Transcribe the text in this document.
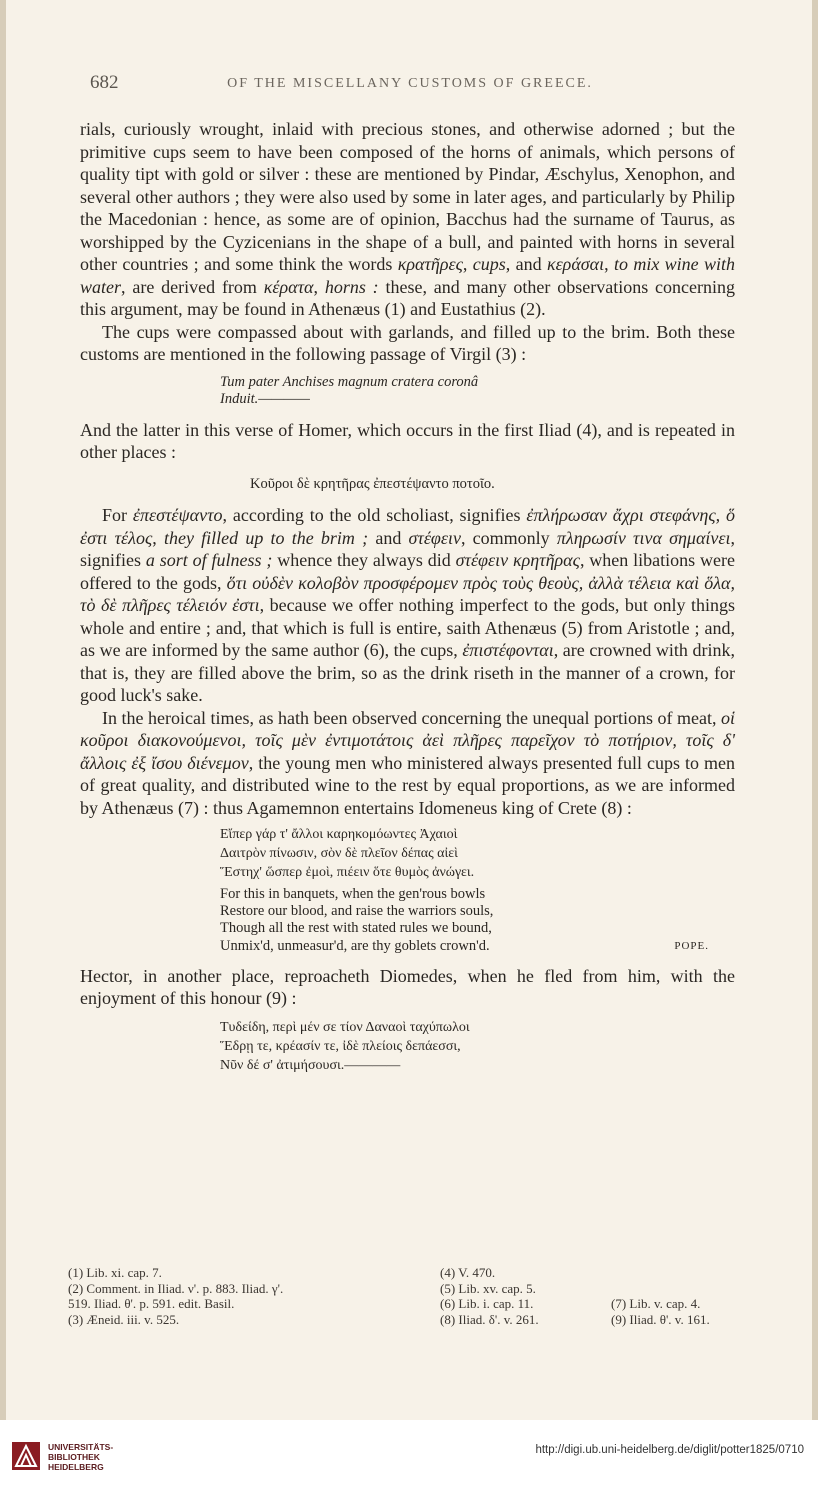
682	OF THE MISCELLANY CUSTOMS OF GREECE.

rials, curiously wrought, inlaid with precious stones, and otherwise adorned ; but the primitive cups seem to have been composed of the horns of animals, which persons of quality tipt with gold or silver : these are mentioned by Pindar, Æschylus, Xenophon, and several other authors ; they were also used by some in later ages, and particularly by Philip the Macedonian : hence, as some are of opinion, Bacchus had the surname of Taurus, as worshipped by the Cyzicenians in the shape of a bull, and painted with horns in several other countries ; and some think the words κρατῆρες, cups, and κεράσαι, to mix wine with water, are derived from κέρατα, horns : these, and many other observations concerning this argument, may be found in Athenæus (1) and Eustathius (2).

The cups were compassed about with garlands, and filled up to the brim. Both these customs are mentioned in the following passage of Virgil (3) :

Tum pater Anchises magnum cratera coronâ
Induit.————

And the latter in this verse of Homer, which occurs in the first Iliad (4), and is repeated in other places :

Κοῦροι δὲ κρητῆρας ἐπεστέψαντο ποτοῖο.

For ἐπεστέψαντο, according to the old scholiast, signifies ἐπλήρωσαν ἄχρι στεφάνης, ὅ ἐστι τέλος, they filled up to the brim ; and στέφειν, commonly πληρωσίν τινα σημαίνει, signifies a sort of fulness ; whence they always did στέφειν κρητῆρας, when libations were offered to the gods, ὅτι οὐδὲν κολοβὸν προσφέρομεν πρὸς τοὺς θεοὺς, ἀλλὰ τέλεια καὶ ὅλα, τὸ δὲ πλῆρες τέλειόν ἐστι, because we offer nothing imperfect to the gods, but only things whole and entire ; and, that which is full is entire, saith Athenæus (5) from Aristotle ; and, as we are informed by the same author (6), the cups, ἐπιστέφονται, are crowned with drink, that is, they are filled above the brim, so as the drink riseth in the manner of a crown, for good luck's sake.

In the heroical times, as hath been observed concerning the unequal portions of meat, οἱ κοῦροι διακονούμενοι, τοῖς μὲν ἐντιμοτάτοις ἀεὶ πλῆρες παρεῖχον τὸ ποτήριον, τοῖς δ' ἄλλοις ἐξ ἴσου διένεμον, the young men who ministered always presented full cups to men of great quality, and distributed wine to the rest by equal proportions, as we are informed by Athenæus (7) : thus Agamemnon entertains Idomeneus king of Crete (8) :

Εἴπερ γάρ τ' ἄλλοι καρηκομόωντες Ἀχαιοὶ
Δαιτρὸν πίνωσιν, σὸν δὲ πλεῖον δέπας αἰεὶ
Ἕστηχ' ὥσπερ ἐμοὶ, πιέειν ὅτε θυμὸς ἀνώγει.
For this in banquets, when the gen'rous bowls
Restore our blood, and raise the warriors souls,
Though all the rest with stated rules we bound,
Unmix'd, unmeasur'd, are thy goblets crown'd.	POPE.

Hector, in another place, reproacheth Diomedes, when he fled from him, with the enjoyment of this honour (9) :

Τυδείδη, περὶ μέν σε τίον Δαναοὶ ταχύπωλοι
Ἕδρῃ τε, κρέασίν τε, ἰδὲ πλείοις δεπάεσσι,
Νῦν δέ σ' ἀτιμήσουσι.————
(1) Lib. xi. cap. 7.
(2) Comment. in Iliad. ν'. p. 883. Iliad. γ'.
519. Iliad. θ'. p. 591. edit. Basil.
(3) Æneid. iii. v. 525.
(4) V. 470.
(5) Lib. xv. cap. 5.
(6) Lib. i. cap. 11.
(8) Iliad. δ'. v. 261.

(7) Lib. v. cap. 4.
(9) Iliad. θ'. v. 161.
UNIVERSITÄTS-
BIBLIOTHEK
HEIDELBERG
http://digi.ub.uni-heidelberg.de/diglit/potter1825/0710
